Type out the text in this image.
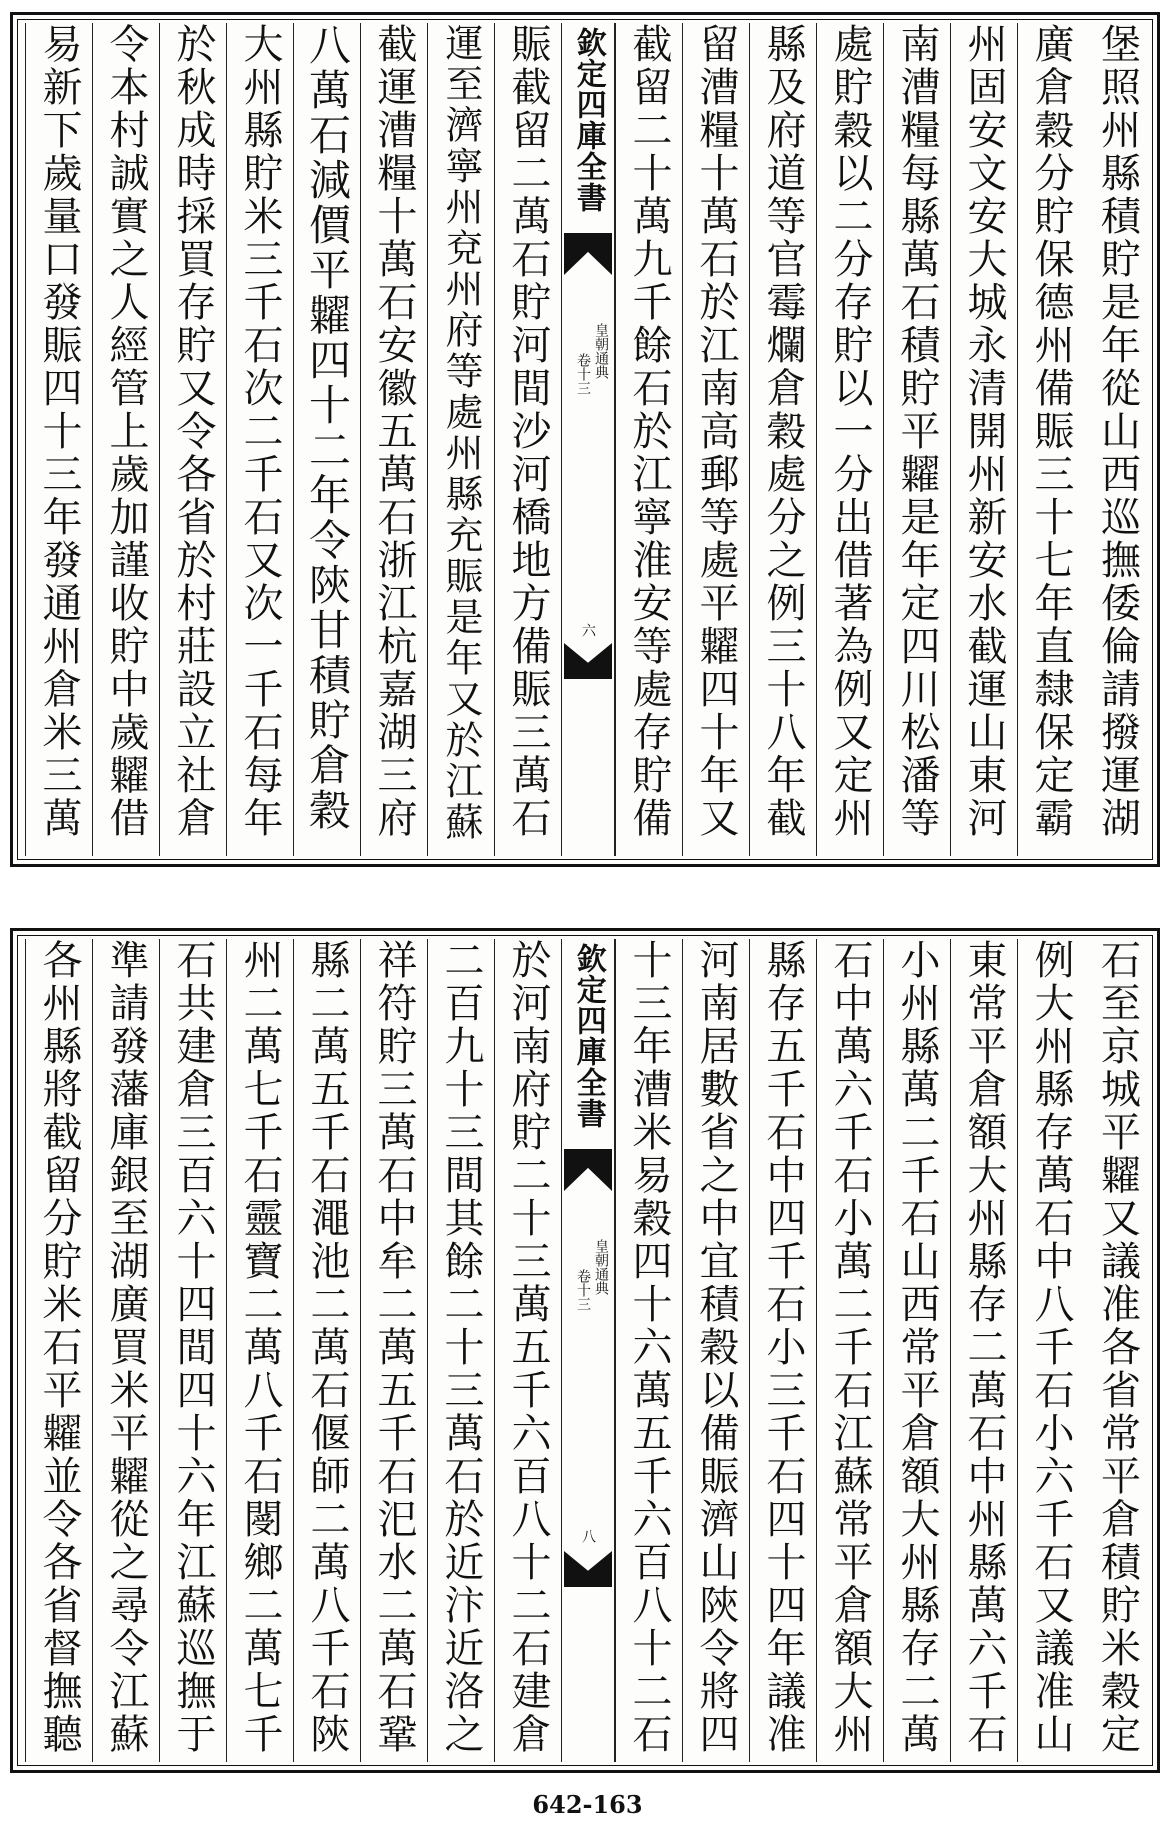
堡照州縣積貯是年從山西巡撫倭倫請撥運湖
廣倉穀分貯保德州備賑三十七年直隸保定霸
州固安文安大城永清開州新安水截運山東河
南漕糧每縣萬石積貯平糶是年定四川松潘等
處貯穀以二分存貯以一分出借著為例又定州
縣及府道等官霉爛倉穀處分之例三十八年截
留漕糧十萬石於江南高郵等處平糶四十年又
截留二十萬九千餘石於江寧淮安等處存貯備
欽定四庫全書
皇朝通典
卷十三
六
賑截留二萬石貯河間沙河橋地方備賑三萬石
運至濟寧州兗州府等處州縣充賑是年又於江蘇
截運漕糧十萬石安徽五萬石浙江杭嘉湖三府
八萬石減價平糶四十二年令陝甘積貯倉穀
大州縣貯米三千石次二千石又次一千石每年
於秋成時採買存貯又令各省於村莊設立社倉
令本村誠實之人經管上歲加謹收貯中歲糶借
易新下歲量口發賑四十三年發通州倉米三萬
石至京城平糶又議准各省常平倉積貯米穀定
例大州縣存萬石中八千石小六千石又議准山
東常平倉額大州縣存二萬石中州縣萬六千石
小州縣萬二千石山西常平倉額大州縣存二萬
石中萬六千石小萬二千石江蘇常平倉額大州
縣存五千石中四千石小三千石四十四年議准
河南居數省之中宜積穀以備賑濟山陝令將四
十三年漕米易穀四十六萬五千六百八十二石
欽定四庫全書
皇朝通典
卷十三
八
於河南府貯二十三萬五千六百八十二石建倉
二百九十三間其餘二十三萬石於近汴近洛之
祥符貯三萬石中牟二萬五千石汜水二萬石鞏
縣二萬五千石澠池二萬石偃師二萬八千石陝
州二萬七千石靈寶二萬八千石閿鄉二萬七千
石共建倉三百六十四間四十六年江蘇巡撫于
準請發藩庫銀至湖廣買米平糶從之尋令江蘇
各州縣將截留分貯米石平糶並令各省督撫聽
642-163
